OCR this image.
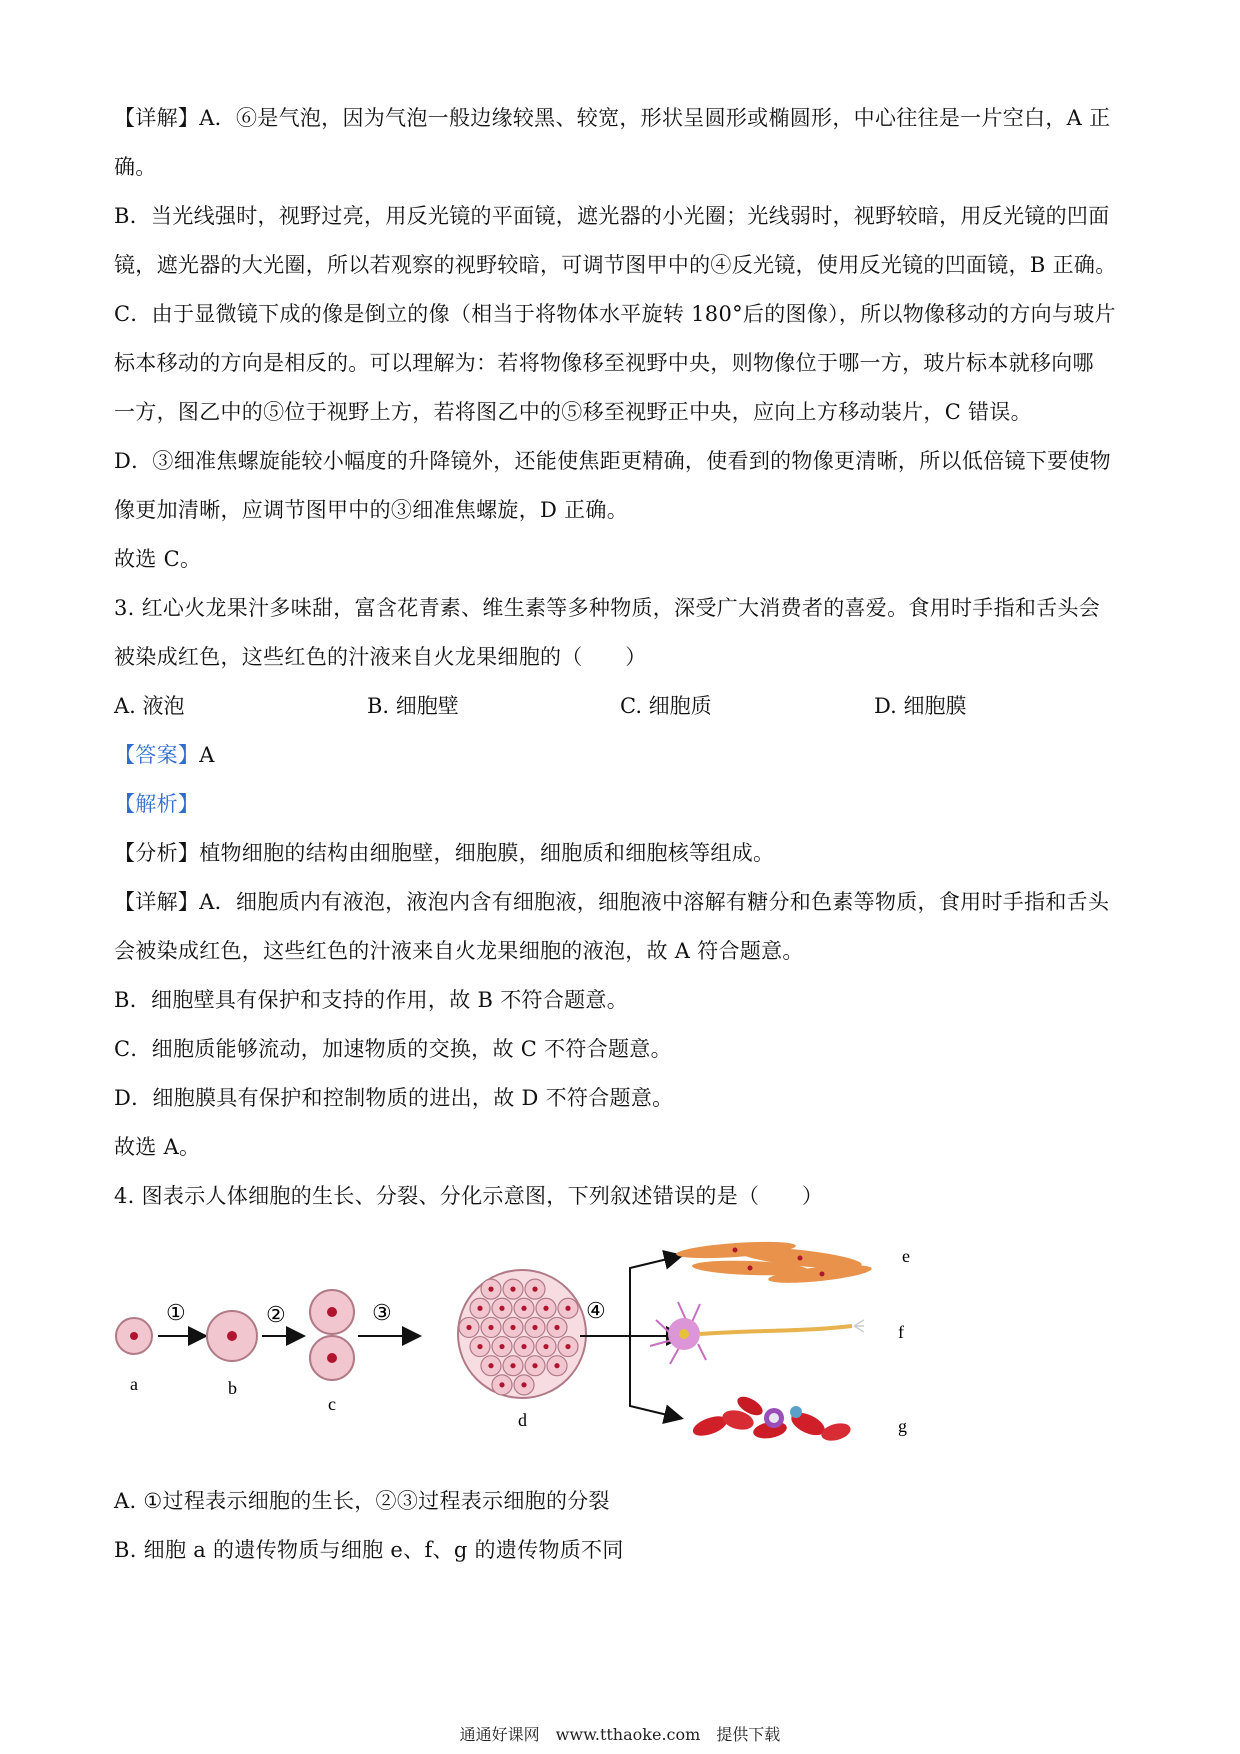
【详解】A．⑥是气泡，因为气泡一般边缘较黑、较宽，形状呈圆形或椭圆形，中心往往是一片空白，A 正
确。
B．当光线强时，视野过亮，用反光镜的平面镜，遮光器的小光圈；光线弱时，视野较暗，用反光镜的凹面
镜，遮光器的大光圈，所以若观察的视野较暗，可调节图甲中的④反光镜，使用反光镜的凹面镜，B 正确。
C．由于显微镜下成的像是倒立的像（相当于将物体水平旋转 180°后的图像），所以物像移动的方向与玻片
标本移动的方向是相反的。可以理解为：若将物像移至视野中央，则物像位于哪一方，玻片标本就移向哪
一方，图乙中的⑤位于视野上方，若将图乙中的⑤移至视野正中央，应向上方移动装片，C 错误。
D．③细准焦螺旋能较小幅度的升降镜外，还能使焦距更精确，使看到的物像更清晰，所以低倍镜下要使物
像更加清晰，应调节图甲中的③细准焦螺旋，D 正确。
故选 C。
3. 红心火龙果汁多味甜，富含花青素、维生素等多种物质，深受广大消费者的喜爱。食用时手指和舌头会
被染成红色，这些红色的汁液来自火龙果细胞的（　　）
A. 液泡	B. 细胞壁	C. 细胞质	D. 细胞膜
【答案】A
【解析】
【分析】植物细胞的结构由细胞壁，细胞膜，细胞质和细胞核等组成。
【详解】A．细胞质内有液泡，液泡内含有细胞液，细胞液中溶解有糖分和色素等物质，食用时手指和舌头
会被染成红色，这些红色的汁液来自火龙果细胞的液泡，故 A 符合题意。
B．细胞壁具有保护和支持的作用，故 B 不符合题意。
C．细胞质能够流动，加速物质的交换，故 C 不符合题意。
D．细胞膜具有保护和控制物质的进出，故 D 不符合题意。
故选 A。
4. 图表示人体细胞的生长、分裂、分化示意图，下列叙述错误的是（　　）
a
①
b
②
c
③
d
④
e
f
g
A. ①过程表示细胞的生长，②③过程表示细胞的分裂
B. 细胞 a 的遗传物质与细胞 e、f、g 的遗传物质不同
通通好课网　www.tthaoke.com　提供下载
